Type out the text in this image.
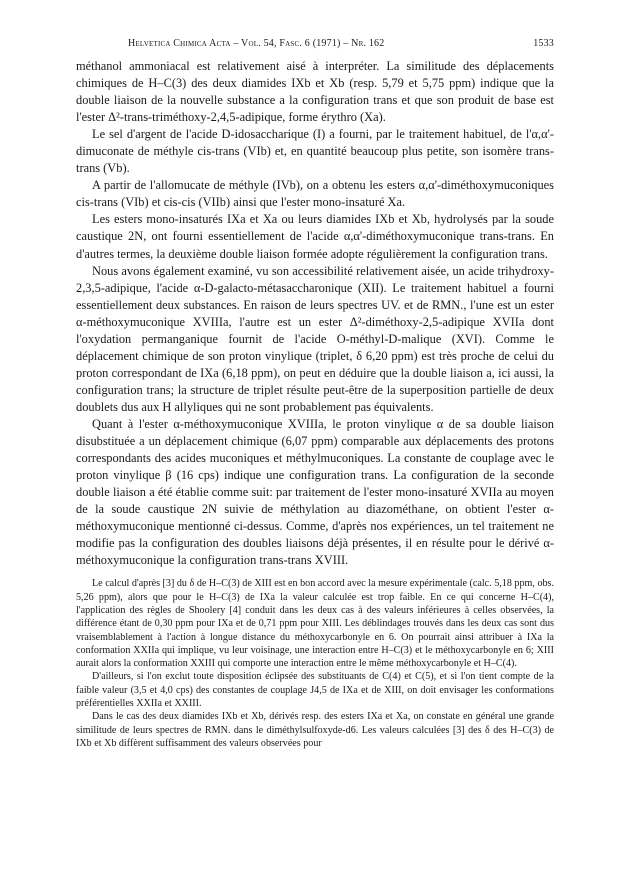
Helvetica Chimica Acta – Vol. 54, Fasc. 6 (1971) – Nr. 162	1533

méthanol ammoniacal est relativement aisé à interpréter. La similitude des déplacements chimiques de H–C(3) des deux diamides IXb et Xb (resp. 5,79 et 5,75 ppm) indique que la double liaison de la nouvelle substance a la configuration trans et que son produit de base est l'ester Δ²-trans-triméthoxy-2,4,5-adipique, forme érythro (Xa).

Le sel d'argent de l'acide D-idosaccharique (I) a fourni, par le traitement habituel, de l'α,α'-dimuconate de méthyle cis-trans (VIb) et, en quantité beaucoup plus petite, son isomère trans-trans (Vb).

A partir de l'allomucate de méthyle (IVb), on a obtenu les esters α,α'-diméthoxymuconiques cis-trans (VIb) et cis-cis (VIIb) ainsi que l'ester mono-insaturé Xa.

Les esters mono-insaturés IXa et Xa ou leurs diamides IXb et Xb, hydrolysés par la soude caustique 2N, ont fourni essentiellement de l'acide α,α'-diméthoxymuconique trans-trans. En d'autres termes, la deuxième double liaison formée adopte régulièrement la configuration trans.

Nous avons également examiné, vu son accessibilité relativement aisée, un acide trihydroxy-2,3,5-adipique, l'acide α-D-galacto-métasaccharonique (XII). Le traitement habituel a fourni essentiellement deux substances. En raison de leurs spectres UV. et de RMN., l'une est un ester α-méthoxymuconique XVIIIa, l'autre est un ester Δ²-diméthoxy-2,5-adipique XVIIa dont l'oxydation permanganique fournit de l'acide O-méthyl-D-malique (XVI). Comme le déplacement chimique de son proton vinylique (triplet, δ 6,20 ppm) est très proche de celui du proton correspondant de IXa (6,18 ppm), on peut en déduire que la double liaison a, ici aussi, la configuration trans; la structure de triplet résulte peut-être de la superposition partielle de deux doublets dus aux H allyliques qui ne sont probablement pas équivalents.

Quant à l'ester α-méthoxymuconique XVIIIa, le proton vinylique α de sa double liaison disubstituée a un déplacement chimique (6,07 ppm) comparable aux déplacements des protons correspondants des acides muconiques et méthylmuconiques. La constante de couplage avec le proton vinylique β (16 cps) indique une configuration trans. La configuration de la seconde double liaison a été établie comme suit: par traitement de l'ester mono-insaturé XVIIa au moyen de la soude caustique 2N suivie de méthylation au diazométhane, on obtient l'ester α-méthoxymuconique mentionné ci-dessus. Comme, d'après nos expériences, un tel traitement ne modifie pas la configuration des doubles liaisons déjà présentes, il en résulte pour le dérivé α-méthoxymuconique la configuration trans-trans XVIII.

Le calcul d'après [3] du δ de H–C(3) de XIII est en bon accord avec la mesure expérimentale (calc. 5,18 ppm, obs. 5,26 ppm), alors que pour le H–C(3) de IXa la valeur calculée est trop faible. En ce qui concerne H–C(4), l'application des règles de Shoolery [4] conduit dans les deux cas à des valeurs inférieures à celles observées, la différence étant de 0,30 ppm pour IXa et de 0,71 ppm pour XIII. Les déblindages trouvés dans les deux cas sont dus vraisemblablement à l'action à longue distance du méthoxycarbonyle en 6. On pourrait ainsi attribuer à IXa la conformation XXIIa qui implique, vu leur voisinage, une interaction entre H–C(3) et le méthoxycarbonyle en 6; XIII aurait alors la conformation XXIII qui comporte une interaction entre le même méthoxycarbonyle et H–C(4).

D'ailleurs, si l'on exclut toute disposition éclipsée des substituants de C(4) et C(5), et si l'on tient compte de la faible valeur (3,5 et 4,0 cps) des constantes de couplage J4,5 de IXa et de XIII, on doit envisager les conformations préférentielles XXIIa et XXIII.

Dans le cas des deux diamides IXb et Xb, dérivés resp. des esters IXa et Xa, on constate en général une grande similitude de leurs spectres de RMN. dans le diméthylsulfoxyde-d6. Les valeurs calculées [3] des δ des H–C(3) de IXb et Xb diffèrent suffisamment des valeurs observées pour
